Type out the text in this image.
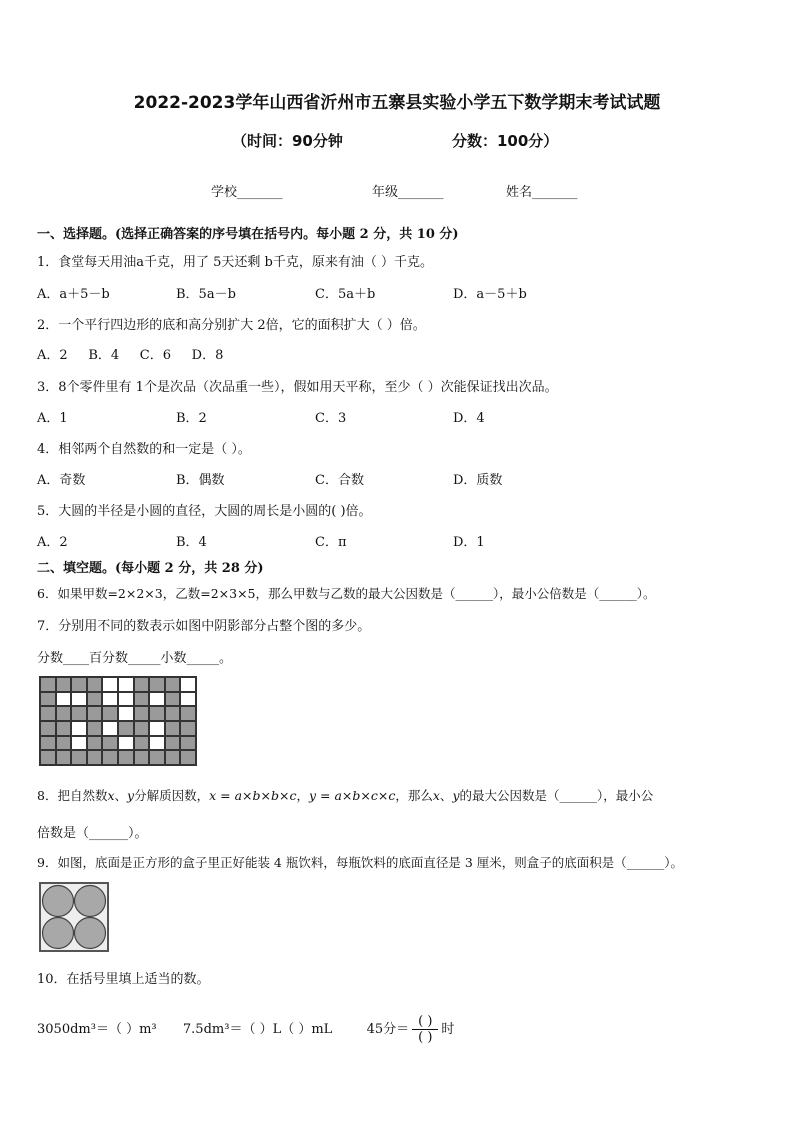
2022-2023学年山西省沂州市五寨县实验小学五下数学期末考试试题
（时间：90分钟	分数：100分）
学校_______	年级_______	姓名_______
一、选择题。(选择正确答案的序号填在括号内。每小题 2 分，共 10 分)
1．食堂每天用油a千克，用了 5天还剩 b千克，原来有油（ ）千克。
A．a＋5－b	B．5a－b	C．5a＋b	D．a－5＋b
2．一个平行四边形的底和高分别扩大 2倍，它的面积扩大（ ）倍。
A．2     B．4     C．6     D．8
3．8个零件里有 1个是次品（次品重一些），假如用天平称，至少（ ）次能保证找出次品。
A．1	B．2	C．3	D．4
4．相邻两个自然数的和一定是（ ）。
A．奇数	B．偶数	C．合数	D．质数
5．大圆的半径是小圆的直径，大圆的周长是小圆的( )倍。
A．2	B．4	C．π	D．1
二、填空题。(每小题 2 分，共 28 分)
6．如果甲数=2×2×3，乙数=2×3×5，那么甲数与乙数的最大公因数是（______），最小公倍数是（______）。
7．分别用不同的数表示如图中阴影部分占整个图的多少。
分数____百分数_____小数_____。
8．把自然数x、y分解质因数，x = a×b×b×c，y = a×b×c×c，那么x、y的最大公因数是（______），最小公
倍数是（______）。
9．如图，底面是正方形的盒子里正好能装 4 瓶饮料，每瓶饮料的底面直径是 3 厘米，则盒子的底面积是（______）。
10．在括号里填上适当的数。
3050dm³＝（ ）m³ 7.5dm³＝（ ）L（ ）mL	45分＝ $\frac{( )}{( )}$ 时
